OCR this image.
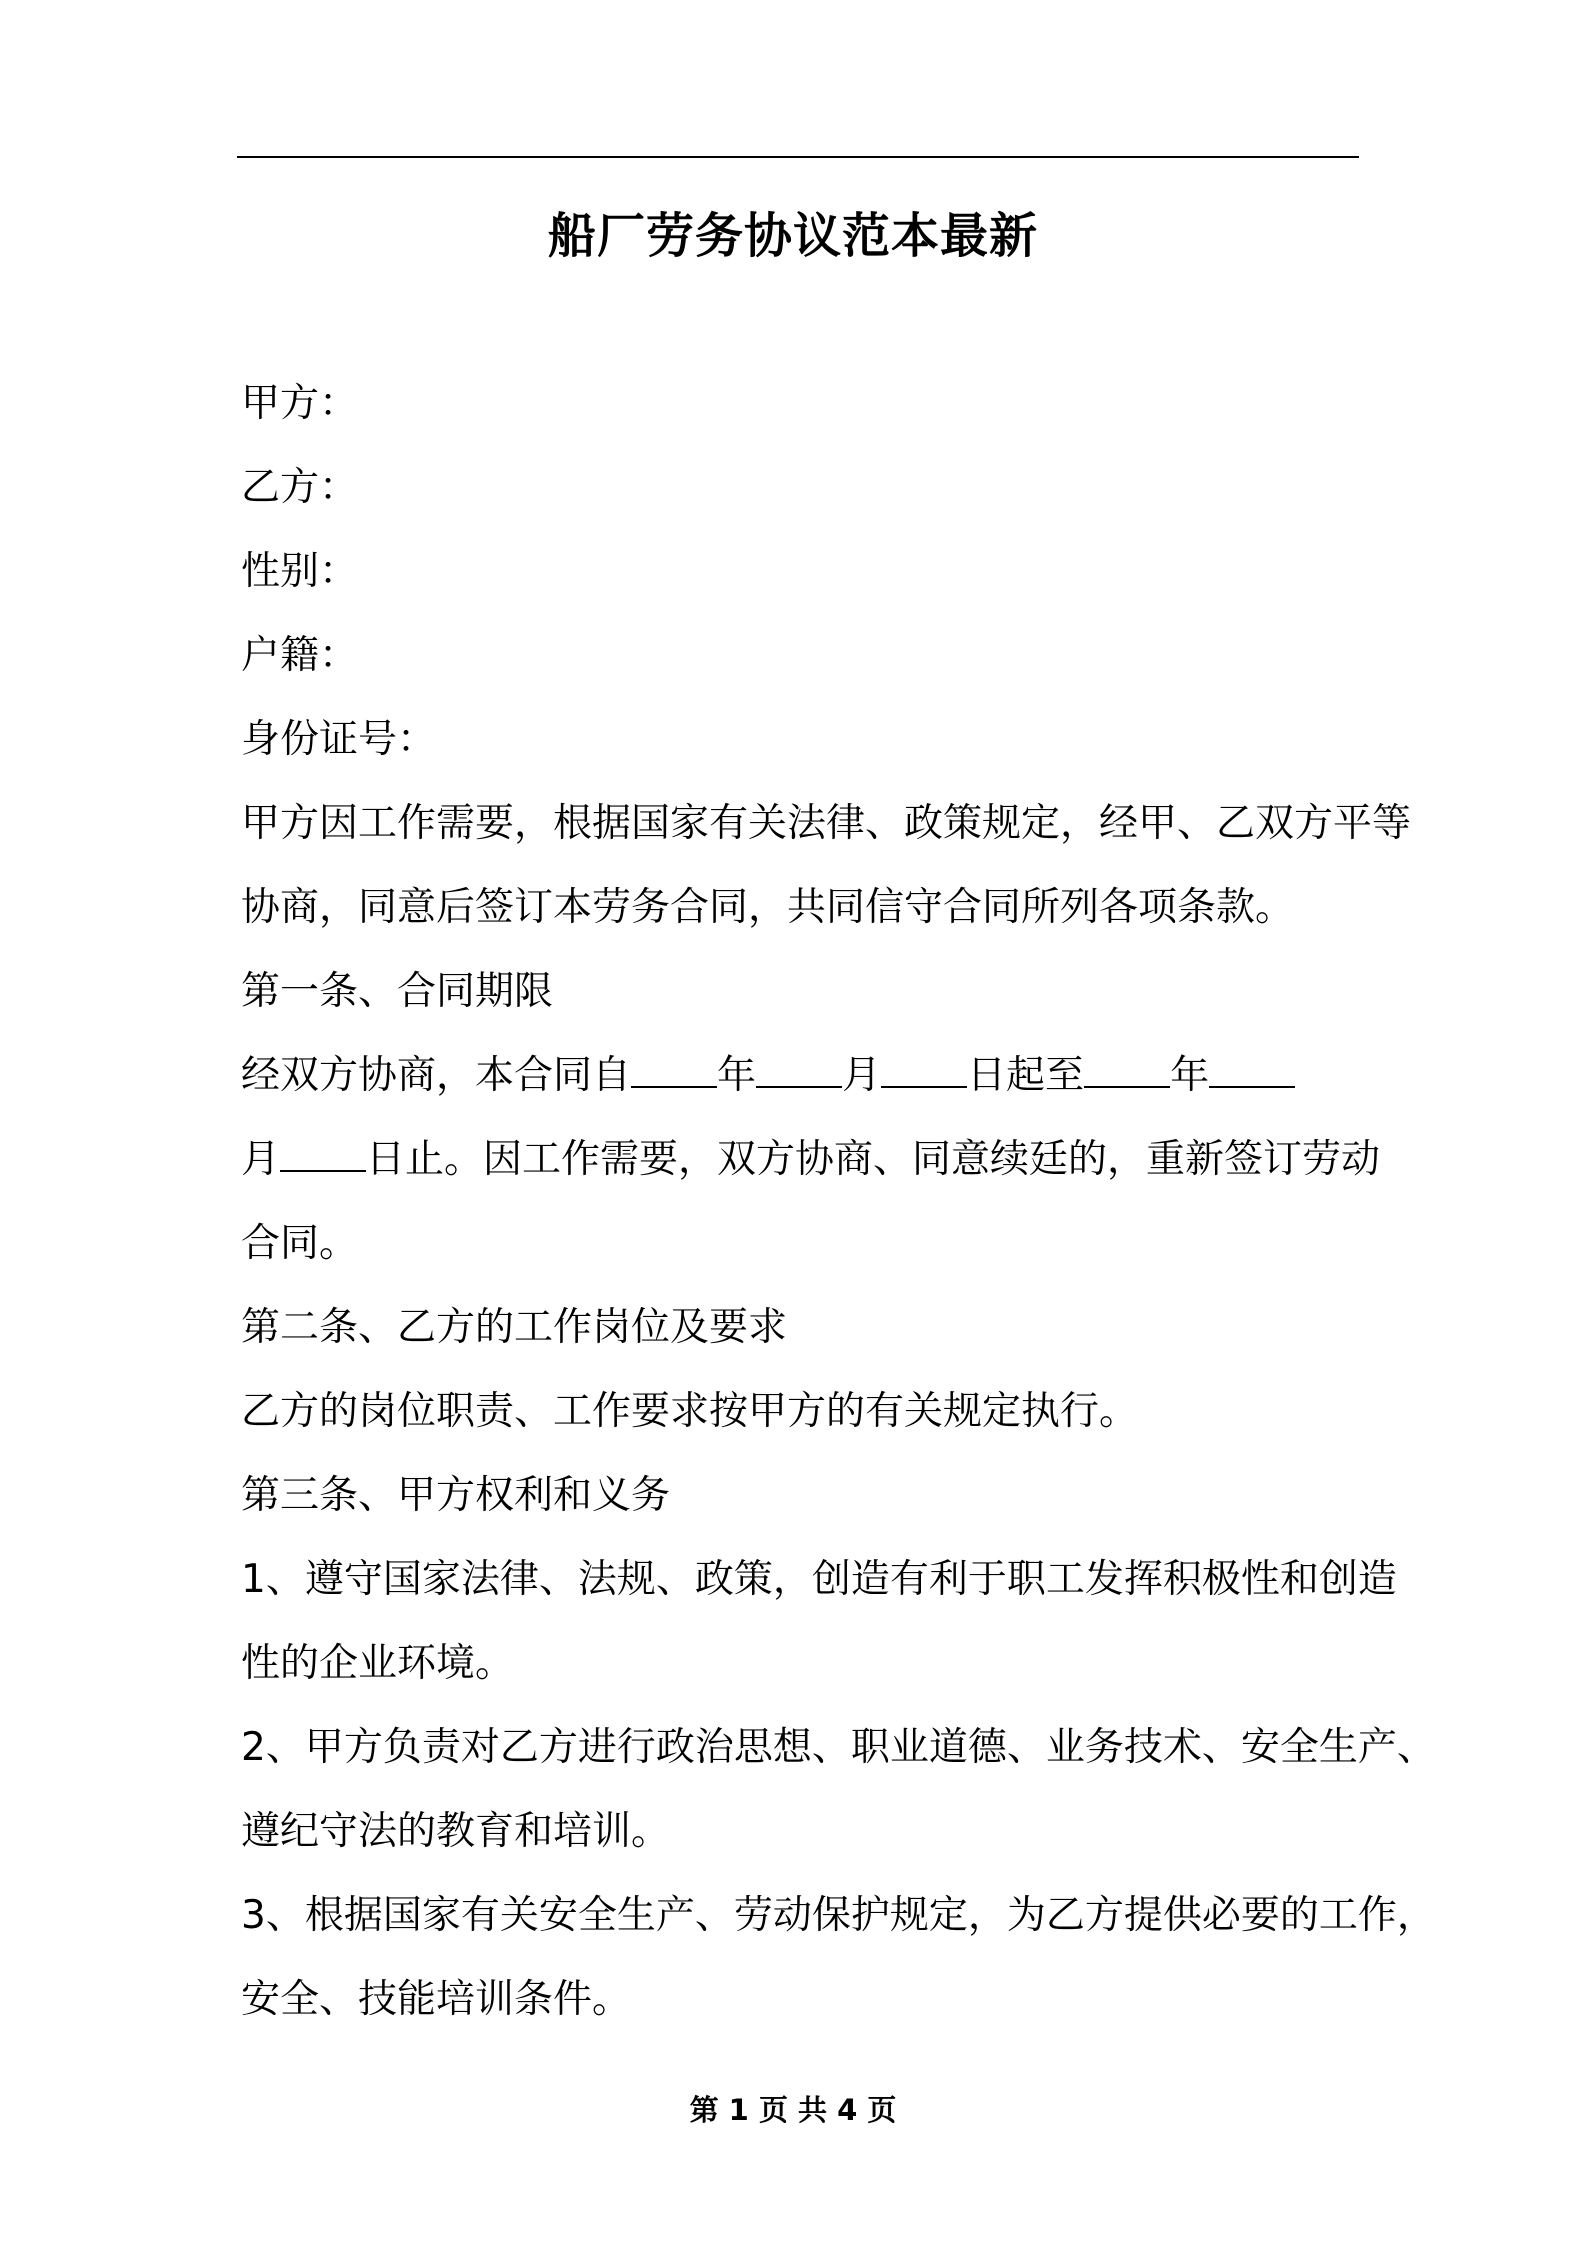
船厂劳务协议范本最新
甲方：
乙方：
性别：
户籍：
身份证号：
甲方因工作需要，根据国家有关法律、政策规定，经甲、乙双方平等
协商，同意后签订本劳务合同，共同信守合同所列各项条款。
第一条、合同期限
经双方协商，本合同自 年 月 日起至 年
月 日止。因工作需要，双方协商、同意续廷的，重新签订劳动
合同。
第二条、乙方的工作岗位及要求
乙方的岗位职责、工作要求按甲方的有关规定执行。
第三条、甲方权利和义务
1、遵守国家法律、法规、政策，创造有利于职工发挥积极性和创造
性的企业环境。
2、甲方负责对乙方进行政治思想、职业道德、业务技术、安全生产、
遵纪守法的教育和培训。
3、根据国家有关安全生产、劳动保护规定，为乙方提供必要的工作，
安全、技能培训条件。
第 1 页 共 4 页
